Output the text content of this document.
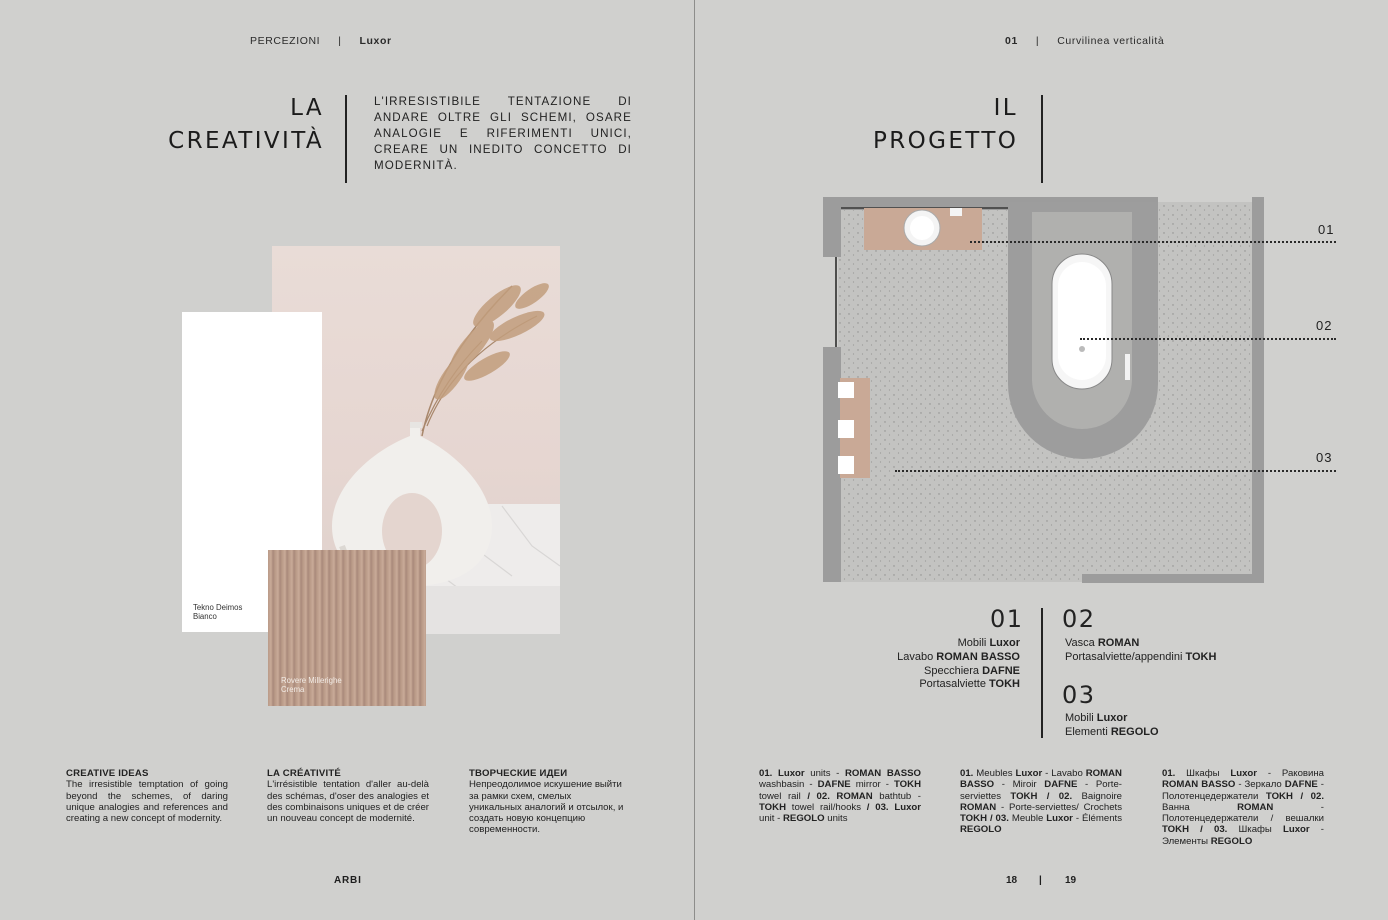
PERCEZIONI | Luxor
LA
CREATIVITÀ
L'IRRESISTIBILE TENTAZIONE DI ANDARE OLTRE GLI SCHEMI, OSARE ANALOGIE E RIFERIMENTI UNICI, CREARE UN INEDITO CONCETTO DI MODERNITÀ.
Tekno Deimos
Bianco
Rovere Millerighe
Crema
CREATIVE IDEAS
The irresistible temptation of going beyond the schemes, of daring unique analogies and references and creating a new concept of modernity.
LA CRÉATIVITÉ
L'irrésistible tentation d'aller au-delà des schémas, d'oser des analogies et des combinaisons uniques et de créer un nouveau concept de modernité.
ТВОРЧЕСКИЕ ИДЕИ
Непреодолимое искушение выйти за рамки схем, смелых уникальных аналогий и отсылок, и создать новую концепцию современности.
ARBI
01 | Curvilinea verticalità
IL
PROGETTO
01
02
03
01
Mobili Luxor
Lavabo ROMAN BASSO
Specchiera DAFNE
Portasalviette TOKH
02
Vasca ROMAN
Portasalviette/appendini TOKH
03
Mobili Luxor
Elementi REGOLO
01. Luxor units - ROMAN BASSO washbasin - DAFNE mirror - TOKH towel rail / 02. ROMAN bathtub - TOKH towel rail/hooks / 03. Luxor unit - REGOLO units
01. Meubles Luxor - Lavabo ROMAN BASSO - Miroir DAFNE - Porte-serviettes TOKH / 02. Baignoire ROMAN - Porte-serviettes/ Crochets TOKH / 03. Meuble Luxor - Éléments REGOLO
01. Шкафы Luxor - Раковина ROMAN BASSO - Зеркало DAFNE - Полотенцедержатели TOKH / 02. Ванна ROMAN - Полотенцедержатели / вешалки TOKH / 03. Шкафы Luxor - Элементы REGOLO
18 | 19
